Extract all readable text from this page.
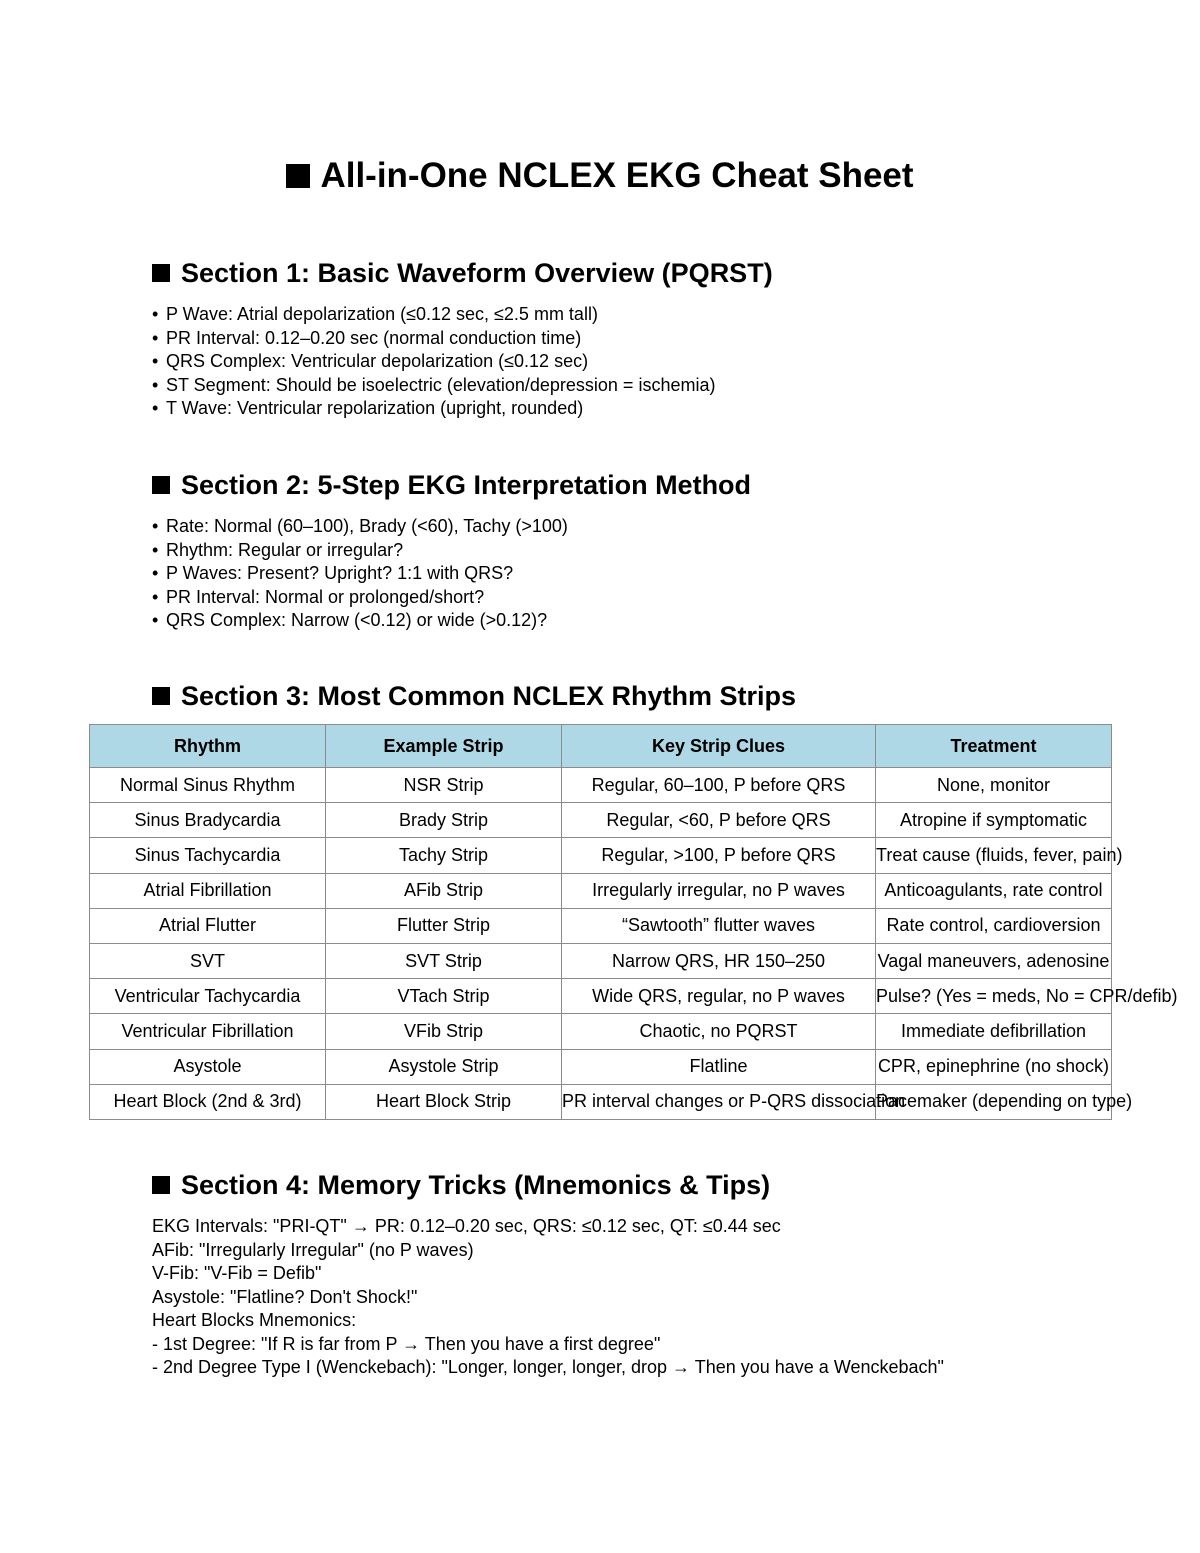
All-in-One NCLEX EKG Cheat Sheet
Section 1: Basic Waveform Overview (PQRST)
• P Wave: Atrial depolarization (≤0.12 sec, ≤2.5 mm tall)
• PR Interval: 0.12–0.20 sec (normal conduction time)
• QRS Complex: Ventricular depolarization (≤0.12 sec)
• ST Segment: Should be isoelectric (elevation/depression = ischemia)
• T Wave: Ventricular repolarization (upright, rounded)
Section 2: 5-Step EKG Interpretation Method
• Rate: Normal (60–100), Brady (<60), Tachy (>100)
• Rhythm: Regular or irregular?
• P Waves: Present? Upright? 1:1 with QRS?
• PR Interval: Normal or prolonged/short?
• QRS Complex: Narrow (<0.12) or wide (>0.12)?
Section 3: Most Common NCLEX Rhythm Strips
Rhythm	Example Strip	Key Strip Clues	Treatment
Normal Sinus Rhythm	NSR Strip	Regular, 60–100, P before QRS	None, monitor
Sinus Bradycardia	Brady Strip	Regular, <60, P before QRS	Atropine if symptomatic
Sinus Tachycardia	Tachy Strip	Regular, >100, P before QRS	Treat cause (fluids, fever, pain)
Atrial Fibrillation	AFib Strip	Irregularly irregular, no P waves	Anticoagulants, rate control
Atrial Flutter	Flutter Strip	“Sawtooth” flutter waves	Rate control, cardioversion
SVT	SVT Strip	Narrow QRS, HR 150–250	Vagal maneuvers, adenosine
Ventricular Tachycardia	VTach Strip	Wide QRS, regular, no P waves	Pulse? (Yes = meds, No = CPR/defib)
Ventricular Fibrillation	VFib Strip	Chaotic, no PQRST	Immediate defibrillation
Asystole	Asystole Strip	Flatline	CPR, epinephrine (no shock)
Heart Block (2nd & 3rd)	Heart Block Strip	PR interval changes or P-QRS dissociation	Pacemaker (depending on type)
Section 4: Memory Tricks (Mnemonics & Tips)
EKG Intervals: "PRI-QT" → PR: 0.12–0.20 sec, QRS: ≤0.12 sec, QT: ≤0.44 sec
AFib: "Irregularly Irregular" (no P waves)
V-Fib: "V-Fib = Defib"
Asystole: "Flatline? Don't Shock!"
Heart Blocks Mnemonics:
- 1st Degree: "If R is far from P → Then you have a first degree"
- 2nd Degree Type I (Wenckebach): "Longer, longer, longer, drop → Then you have a Wenckebach"
